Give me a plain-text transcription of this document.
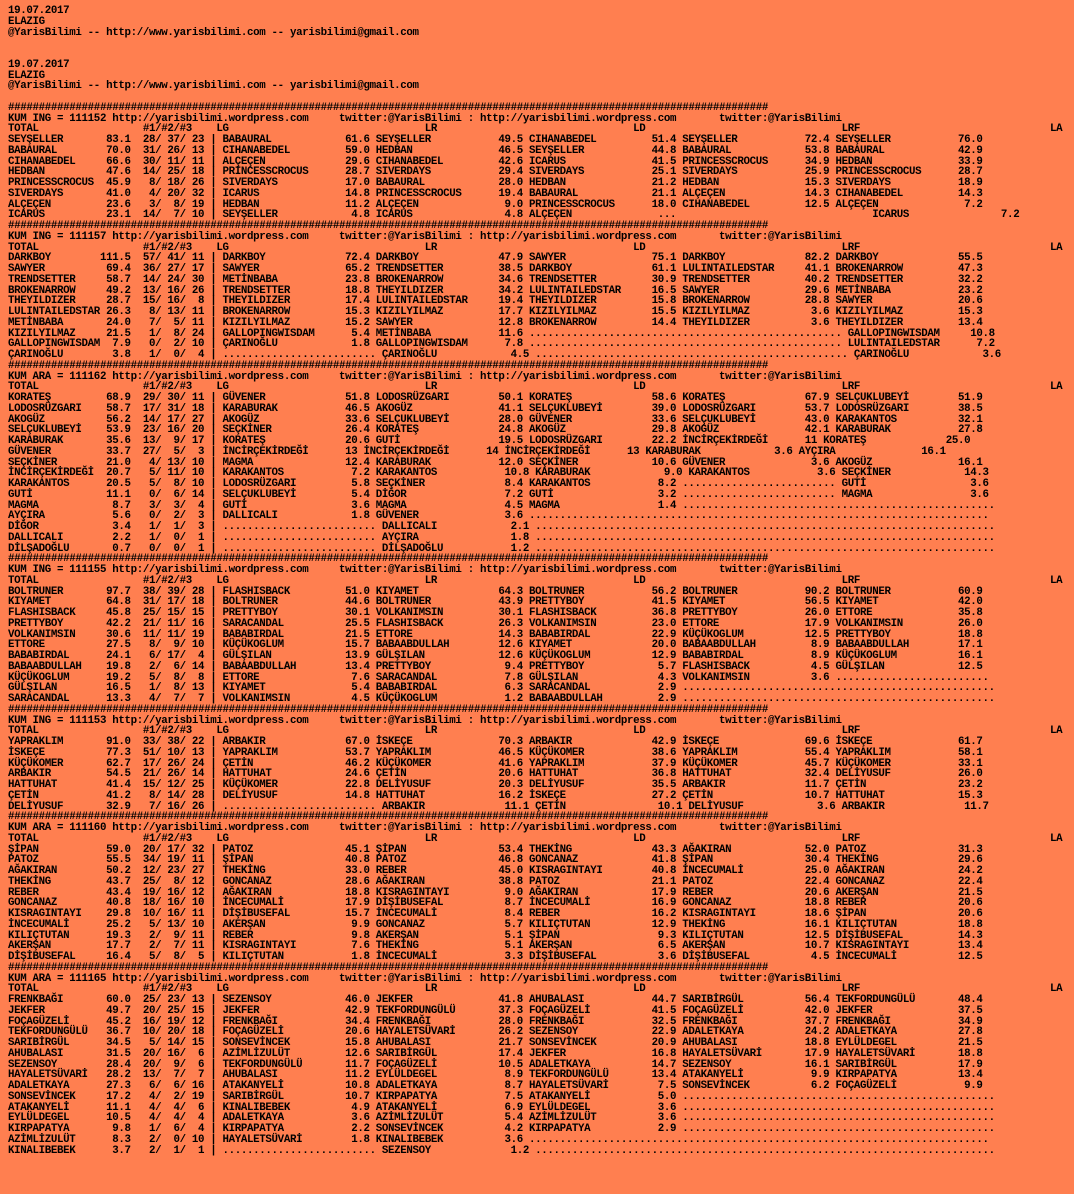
19.07.2017
ELAZIG
@YarisBilimi -- http://www.yarisbilimi.com -- yarisbilimi@gmail.com

19.07.2017
ELAZIG
@YarisBilimi -- http://www.yarisbilimi.com -- yarisbilimi@gmail.com

############################################################################################################################
KUM ING = 111152 http://yarisbilimi.wordpress.com     twitter:@YarisBilimi : http://yarisbilimi.wordpress.com       twitter:@YarisBilimi
TOTAL                 #1/#2/#3    LG                                LR                                LD                                LRF                               LA
SEYŞELLER       83.1  28/ 37/ 23 | BABAURAL            61.6 SEYŞELLER           49.5 CIHANABEDEL         51.4 SEYŞELLER           72.4 SEYŞELLER           76.0
BABAURAL        70.0  31/ 26/ 13 | CIHANABEDEL         59.0 HEDBAN              46.5 SEYŞELLER           44.8 BABAURAL            53.8 BABAURAL            42.9
CIHANABEDEL     66.6  30/ 11/ 11 | ALÇEÇEN             29.6 CIHANABEDEL         42.6 ICARUS              41.5 PRINCESSCROCUS      34.9 HEDBAN              33.9
HEDBAN          47.6  14/ 25/ 18 | PRINCESSCROCUS      28.7 SIVERDAYS           29.4 SIVERDAYS           25.1 SIVERDAYS           25.9 PRINCESSCROCUS      28.7
PRINCESSCROCUS  45.9   8/ 18/ 26 | SIVERDAYS           17.0 BABAURAL            28.0 HEDBAN              21.2 HEDBAN              15.3 SIVERDAYS           18.9
SIVERDAYS       41.0   4/ 20/ 32 | ICARUS              14.8 PRINCESSCROCUS      19.4 BABAURAL            21.1 ALÇEÇEN             14.3 CIHANABEDEL         14.3
ALÇEÇEN         23.6   3/  8/ 19 | HEDBAN              11.2 ALÇEÇEN              9.0 PRINCESSCROCUS      18.0 CIHANABEDEL         12.5 ALÇEÇEN              7.2
ICARUS          23.1  14/  7/ 10 | SEYŞELLER            4.8 ICARUS               4.8 ALÇEÇEN              ...                                ICARUS               7.2
############################################################################################################################
KUM ING = 111157 http://yarisbilimi.wordpress.com     twitter:@YarisBilimi : http://yarisbilimi.wordpress.com       twitter:@YarisBilimi
TOTAL                 #1/#2/#3    LG                                LR                                LD                                LRF                               LA
DARKBOY        111.5  57/ 41/ 11 | DARKBOY             72.4 DARKBOY             47.9 SAWYER              75.1 DARKBOY             82.2 DARKBOY             55.5
SAWYER          69.4  36/ 27/ 17 | SAWYER              65.2 TRENDSETTER         38.5 DARKBOY             61.1 LULINTAILEDSTAR     41.1 BROKENARROW         47.3
TRENDSETTER     58.7  14/ 24/ 30 | METİNBABA           23.8 BROKENARROW         34.6 TRENDSETTER         30.9 TRENDSETTER         40.2 TRENDSETTER         32.2
BROKENARROW     49.2  13/ 16/ 26 | TRENDSETTER         18.8 THEYILDIZER         34.2 LULINTAILEDSTAR     16.5 SAWYER              29.6 METİNBABA           23.2
THEYILDIZER     28.7  15/ 16/  8 | THEYILDIZER         17.4 LULINTAILEDSTAR     19.4 THEYILDIZER         15.8 BROKENARROW         28.8 SAWYER              20.6
LULINTAILEDSTAR 26.3   8/ 13/ 11 | BROKENARROW         15.3 KIZILYILMAZ         17.7 KIZILYILMAZ         15.5 KIZILYILMAZ          3.6 KIZILYILMAZ         15.3
METİNBABA       24.0   7/  5/ 11 | KIZILYILMAZ         15.2 SAWYER              12.8 BROKENARROW         14.4 THEYILDIZER          3.6 THEYILDIZER         13.4
KIZILYILMAZ     21.5   1/  8/ 24 | GALLOPINGWISDAM      5.4 METİNBABA           11.6 ................................................... GALLOPINGWISDAM     10.8
GALLOPINGWISDAM  7.9   0/  2/ 10 | ÇARINOĞLU            1.8 GALLOPINGWISDAM      7.8 ................................................... LULINTAILEDSTAR      7.2
ÇARINOĞLU        3.8   1/  0/  4 | ......................... ÇARINOĞLU            4.5 ................................................... ÇARINOĞLU            3.6
############################################################################################################################
KUM ARA = 111162 http://yarisbilimi.wordpress.com     twitter:@YarisBilimi : http://yarisbilimi.wordpress.com       twitter:@YarisBilimi
TOTAL                 #1/#2/#3    LG                                LR                                LD                                LRF                               LA
KORATEŞ         68.9  29/ 30/ 11 | GÜVENER             51.8 LODOSRÜZGARI        50.1 KORATEŞ             58.6 KORATEŞ             67.9 SELÇUKLUBEYİ        51.9
LODOSRÜZGARI    58.7  17/ 31/ 18 | KARABURAK           46.5 AKOGÜZ              41.1 SELÇUKLUBEYİ        39.0 LODOSRÜZGARI        53.7 LODOSRÜZGARI        38.5
AKOGÜZ          56.2  14/ 17/ 27 | AKOGÜZ              33.6 SELÇUKLUBEYİ        28.0 GÜVENER             33.6 SELÇUKLUBEYİ        43.0 KARAKANTOS          32.1
SELÇUKLUBEYİ    53.9  23/ 16/ 20 | SEÇKİNER            26.4 KORATEŞ             24.8 AKOGÜZ              29.8 AKOGÜZ              42.1 KARABURAK           27.8
KARABURAK       35.6  13/  9/ 17 | KORATEŞ             20.6 GUTİ                19.5 LODOSRÜZGARI        22.2 İNCİRÇEKİRDEĞİ      11 KORATEŞ             25.0
GÜVENER         33.7  27/  5/  3 | İNCİRÇEKİRDEĞİ      13 İNCİRÇEKİRDEĞİ      14 İNCİRÇEKİRDEĞİ      13 KARABURAK            3.6 AYÇIRA              16.1
SEÇKİNER        21.0   4/ 13/ 10 | MAGMA               12.4 KARABURAK           12.0 SEÇKİNER            10.6 GÜVENER              3.6 AKOGÜZ              16.1
İNCİRÇEKİRDEĞİ  20.7   5/ 11/ 10 | KARAKANTOS           7.2 KARAKANTOS           10.8 KARABURAK            9.0 KARAKANTOS           3.6 SEÇKİNER            14.3
KARAKANTOS      20.5   5/  8/ 10 | LODOSRÜZGARI         5.8 SEÇKİNER             8.4 KARAKANTOS           8.2 ......................... GUTİ                 3.6
GUTİ            11.1   0/  6/ 14 | SELÇUKLUBEYİ         5.4 DİĞOR                7.2 GUTİ                 3.2 ......................... MAGMA                3.6
MAGMA            8.7   3/  3/  4 | GUTİ                 3.6 MAGMA                4.5 MAGMA                1.4 ...................................................
AYÇIRA           5.6   0/  2/  3 | DALLICALI            1.8 GÜVENER              3.6 ...........................................................................
DİĞOR            3.4   1/  1/  3 | ......................... DALLICALI            2.1 ...........................................................................
DALLICALI        2.2   1/  0/  1 | ......................... AYÇIRA               1.8 ...........................................................................
DİLŞADOĞLU       0.7   0/  0/  1 | ......................... DİLŞADOĞLU           1.2 ...........................................................................
############################################################################################################################
KUM ING = 111155 http://yarisbilimi.wordpress.com     twitter:@YarisBilimi : http://yarisbilimi.wordpress.com       twitter:@YarisBilimi
TOTAL                 #1/#2/#3    LG                                LR                                LD                                LRF                               LA
BOLTRUNER       97.7  38/ 39/ 28 | FLASHISBACK         51.0 KIYAMET             64.3 BOLTRUNER           56.2 BOLTRUNER           90.2 BOLTRUNER           60.9
KIYAMET         64.8  31/ 17/ 18 | BOLTRUNER           44.6 BOLTRUNER           43.9 PRETTYBOY           41.5 KIYAMET             56.5 KIYAMET             42.0
FLASHISBACK     45.8  25/ 15/ 15 | PRETTYBOY           30.1 VOLKANIMSIN         30.1 FLASHISBACK         36.8 PRETTYBOY           26.0 ETTORE              35.8
PRETTYBOY       42.2  21/ 11/ 16 | SARACANDAL          25.5 FLASHISBACK         26.3 VOLKANIMSIN         23.0 ETTORE              17.9 VOLKANIMSIN         26.0
VOLKANIMSIN     30.6  11/ 11/ 19 | BABABIRDAL          21.5 ETTORE              14.3 BABABIRDAL          22.9 KÜÇÜKOGLUM          12.5 PRETTYBOY           18.8
ETTORE          27.5   8/  9/ 10 | KÜÇÜKOGLUM          15.7 BABAABDULLAH        12.6 KIYAMET             20.0 BABAABDULLAH         8.9 BABAABDULLAH        17.1
BABABIRDAL      24.1   6/ 17/  4 | GÜLŞILAN            13.9 GÜLŞILAN            12.6 KÜÇÜKOGLUM          12.9 BABABIRDAL           8.9 KÜÇÜKOGLUM          16.1
BABAABDULLAH    19.8   2/  6/ 14 | BABAABDULLAH        13.4 PRETTYBOY            9.4 PRETTYBOY            5.7 FLASHISBACK          4.5 GÜLŞILAN            12.5
KÜÇÜKOGLUM      19.2   5/  8/  8 | ETTORE               7.6 SARACANDAL           7.8 GÜLŞILAN             4.3 VOLKANIMSIN          3.6 .........................
GÜLŞILAN        16.5   1/  8/ 13 | KIYAMET              5.4 BABABIRDAL           6.3 SARACANDAL           2.9 ...................................................
SARACANDAL      13.3   4/  7/  7 | VOLKANIMSIN          4.5 KÜÇÜKOGLUM           1.2 BABAABDULLAH         2.9 ...................................................
############################################################################################################################
KUM ING = 111153 http://yarisbilimi.wordpress.com     twitter:@YarisBilimi : http://yarisbilimi.wordpress.com       twitter:@YarisBilimi
TOTAL                 #1/#2/#3    LG                                LR                                LD                                LRF                               LA
YAPRAKLIM       91.0  33/ 38/ 22 | ARBAKIR             67.0 İSKEÇE              70.3 ARBAKIR             42.9 İSKEÇE              69.6 İSKEÇE              61.7
İSKEÇE          77.3  51/ 10/ 13 | YAPRAKLIM           53.7 YAPRAKLIM           46.5 KÜÇÜKOMER           38.6 YAPRAKLIM           55.4 YAPRAKLIM           58.1
KÜÇÜKOMER       62.7  17/ 26/ 24 | ÇETİN               46.2 KÜÇÜKOMER           41.6 YAPRAKLIM           37.9 KÜÇÜKOMER           45.7 KÜÇÜKOMER           33.1
ARBAKIR         54.5  21/ 26/ 14 | HATTUHAT            24.6 ÇETİN               20.6 HATTUHAT            36.8 HATTUHAT            32.4 DELİYUSUF           26.0
HATTUHAT        41.4  15/ 12/ 25 | KÜÇÜKOMER           22.8 DELİYUSUF           20.3 DELİYUSUF           35.5 ARBAKIR             11.7 ÇETİN               23.2
ÇETİN           41.2   8/ 14/ 28 | DELİYUSUF           14.8 HATTUHAT            16.2 İSKEÇE              27.2 ÇETİN               10.7 HATTUHAT            15.3
DELİYUSUF       32.9   7/ 16/ 26 | ......................... ARBAKIR             11.1 ÇETİN               10.1 DELİYUSUF            3.6 ARBAKIR             11.7
############################################################################################################################
KUM ARA = 111160 http://yarisbilimi.wordpress.com     twitter:@YarisBilimi : http://yarisbilimi.wordpress.com       twitter:@YarisBilimi
TOTAL                 #1/#2/#3    LG                                LR                                LD                                LRF                               LA
ŞİPAN           59.0  20/ 17/ 32 | PATOZ               45.1 ŞİPAN               53.4 THEKİNG             43.3 AĞAKIRAN            52.0 PATOZ               31.3
PATOZ           55.5  34/ 19/ 11 | ŞİPAN               40.8 PATOZ               46.8 GONCANAZ            41.8 ŞİPAN               30.4 THEKİNG             29.6
AĞAKIRAN        50.2  12/ 23/ 27 | THEKİNG             33.0 REBER               45.0 KISRAGINTAYI        40.8 İNCECUMALİ          25.0 AĞAKIRAN            24.2
THEKİNG         43.7  25/  8/ 12 | GONCANAZ            28.6 AĞAKIRAN            38.8 PATOZ               21.1 PATOZ               22.4 GONCANAZ            22.4
REBER           43.4  19/ 16/ 12 | AĞAKIRAN            18.8 KISRAGINTAYI         9.0 AĞAKIRAN            17.9 REBER               20.6 AKERŞAN             21.5
GONCANAZ        40.8  18/ 16/ 10 | İNCECUMALİ          17.9 DİŞİBUSEFAL          8.7 İNCECUMALİ          16.9 GONCANAZ            18.8 REBER               20.6
KISRAGINTAYI    29.8  10/ 16/ 11 | DİŞİBUSEFAL         15.7 İNCECUMALİ           8.4 REBER               16.2 KISRAGINTAYI        18.6 ŞİPAN               20.6
İNCECUMALİ      25.2   5/ 13/ 10 | AKERŞAN              9.9 GONCANAZ             5.7 KILIÇTUTAN          12.9 THEKİNG             16.1 KILIÇTUTAN          18.8
KILIÇTUTAN      19.3   2/  9/ 11 | REBER                9.8 AKERŞAN              5.1 ŞİPAN                9.3 KILIÇTUTAN          12.5 DİŞİBUSEFAL         14.3
AKERŞAN         17.7   2/  7/ 11 | KISRAGINTAYI         7.6 THEKİNG              5.1 AKERŞAN              6.5 AKERŞAN             10.7 KISRAGINTAYI        13.4
DİŞİBUSEFAL     16.4   5/  8/  5 | KILIÇTUTAN           1.8 İNCECUMALİ           3.3 DİŞİBUSEFAL          3.6 DİŞİBUSEFAL          4.5 İNCECUMALİ          12.5
############################################################################################################################
KUM ARA = 111165 http://yarisbilimi.wordpress.com     twitter:@YarisBilimi : http://yarisbilimi.wordpress.com       twitter:@YarisBilimi
TOTAL                 #1/#2/#3    LG                                LR                                LD                                LRF                               LA
FRENKBAĞI       60.0  25/ 23/ 13 | SEZENSOY            46.0 JEKFER              41.8 AHUBALASI           44.7 SARIBİRGÜL          56.4 TEKFORDUNGÜLÜ       48.4
JEKFER          49.7  20/ 25/ 15 | JEKFER              42.9 TEKFORDUNGÜLÜ       37.3 FOÇAGÜZELİ          41.5 FOÇAGÜZELİ          42.0 JEKFER              37.5
FOÇAGÜZELİ      45.2  16/ 19/ 12 | FRENKBAĞI           34.4 FRENKBAĞI           28.0 FRENKBAĞI           32.5 FRENKBAĞI           37.7 FRENKBAĞI           34.9
TEKFORDUNGÜLÜ   36.7  10/ 20/ 18 | FOÇAGÜZELİ          20.6 HAYALETSÜVARİ       26.2 SEZENSOY            22.9 ADALETKAYA          24.2 ADALETKAYA          27.8
SARIBİRGÜL      34.5   5/ 14/ 15 | SONSEVİNCEK         15.8 AHUBALASI           21.7 SONSEVİNCEK         20.9 AHUBALASI           18.8 EYLÜLDEGEL          21.5
AHUBALASI       31.5  20/ 16/  6 | AZİMLİZULÜT         12.6 SARIBİRGÜL          17.4 JEKFER              16.8 HAYALETSÜVARİ       17.9 HAYALETSÜVARİ       18.8
SEZENSOY        28.4  20/  9/  6 | TEKFORDUNGÜLÜ       11.7 FOÇAGÜZELİ          10.5 ADALETKAYA          14.7 SEZENSOY            16.1 SARIBİRGÜL          17.9
HAYALETSÜVARİ   28.2  13/  7/  7 | AHUBALASI           11.2 EYLÜLDEGEL           8.9 TEKFORDUNGÜLÜ       13.4 ATAKANYELİ           9.9 KIRPAPATYA          13.4
ADALETKAYA      27.3   6/  6/ 16 | ATAKANYELİ          10.8 ADALETKAYA           8.7 HAYALETSÜVARİ        7.5 SONSEVİNCEK          6.2 FOÇAGÜZELİ           9.9
SONSEVİNCEK     17.2   4/  2/ 19 | SARIBİRGÜL          10.7 KIRPAPATYA           7.5 ATAKANYELİ           5.0 ...................................................
ATAKANYELİ      11.1   4/  4/  6 | KINALIBEBEK          4.9 ATAKANYELİ           6.9 EYLÜLDEGEL           3.6 ...................................................
EYLÜLDEGEL      10.5   4/  4/  4 | ADALETKAYA           3.6 AZİMLİZULÜT          5.4 AZİMLİZULÜT          3.6 ...................................................
KIRPAPATYA       9.8   1/  6/  4 | KIRPAPATYA           2.2 SONSEVİNCEK          4.2 KIRPAPATYA           2.9 ...................................................
AZİMLİZULÜT      8.3   2/  0/ 10 | HAYALETSÜVARİ        1.8 KINALIBEBEK          3.6 ...........................................................................
KINALIBEBEK      3.7   2/  1/  1 | ......................... SEZENSOY             1.2 ...........................................................................
